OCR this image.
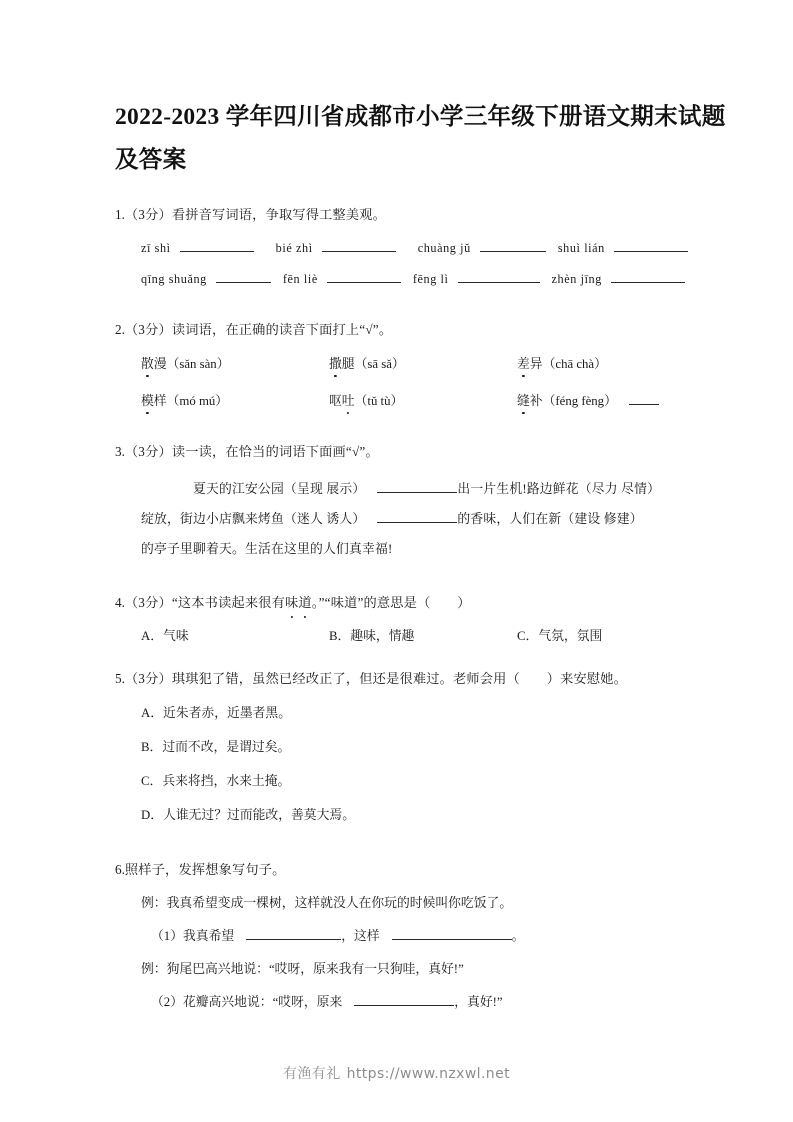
2022-2023 学年四川省成都市小学三年级下册语文期末试题及答案
1.（3分）看拼音写词语，争取写得工整美观。
zī shì	bié zhì	chuàng jǔ	shuì lián
qīng shuǎng	fēn liè	fēng lì	zhèn jīng
2.（3分）读词语，在正确的读音下面打上“√”。
散漫（sǎn sàn）	撒腿（sā sǎ）	差异（chā chà）
模样（mó mú）	呕吐（tǔ tù）	缝补（féng fèng）
3.（3分）读一读，在恰当的词语下面画“√”。
夏天的江安公园（呈现 展示）	出一片生机!路边鲜花（尽力 尽情）
绽放，街边小店飘来烤鱼（迷人 诱人）	的香味，人们在新（建设 修建）
的亭子里聊着天。生活在这里的人们真幸福!
4.（3分）“这本书读起来很有味道。”“味道”的意思是（　　）
A．气味	B．趣味，情趣	C．气氛，氛围
5.（3分）琪琪犯了错，虽然已经改正了，但还是很难过。老师会用（　　）来安慰她。
A．近朱者赤，近墨者黑。
B．过而不改，是谓过矣。
C．兵来将挡，水来土掩。
D．人谁无过？过而能改，善莫大焉。
6.照样子，发挥想象写句子。
例：我真希望变成一棵树，这样就没人在你玩的时候叫你吃饭了。
（1）我真希望	，这样	。
例：狗尾巴高兴地说：“哎呀，原来我有一只狗哇，真好!”
（2）花瓣高兴地说：“哎呀，原来	，真好!”
有渔有礼 https://www.nzxwl.net
